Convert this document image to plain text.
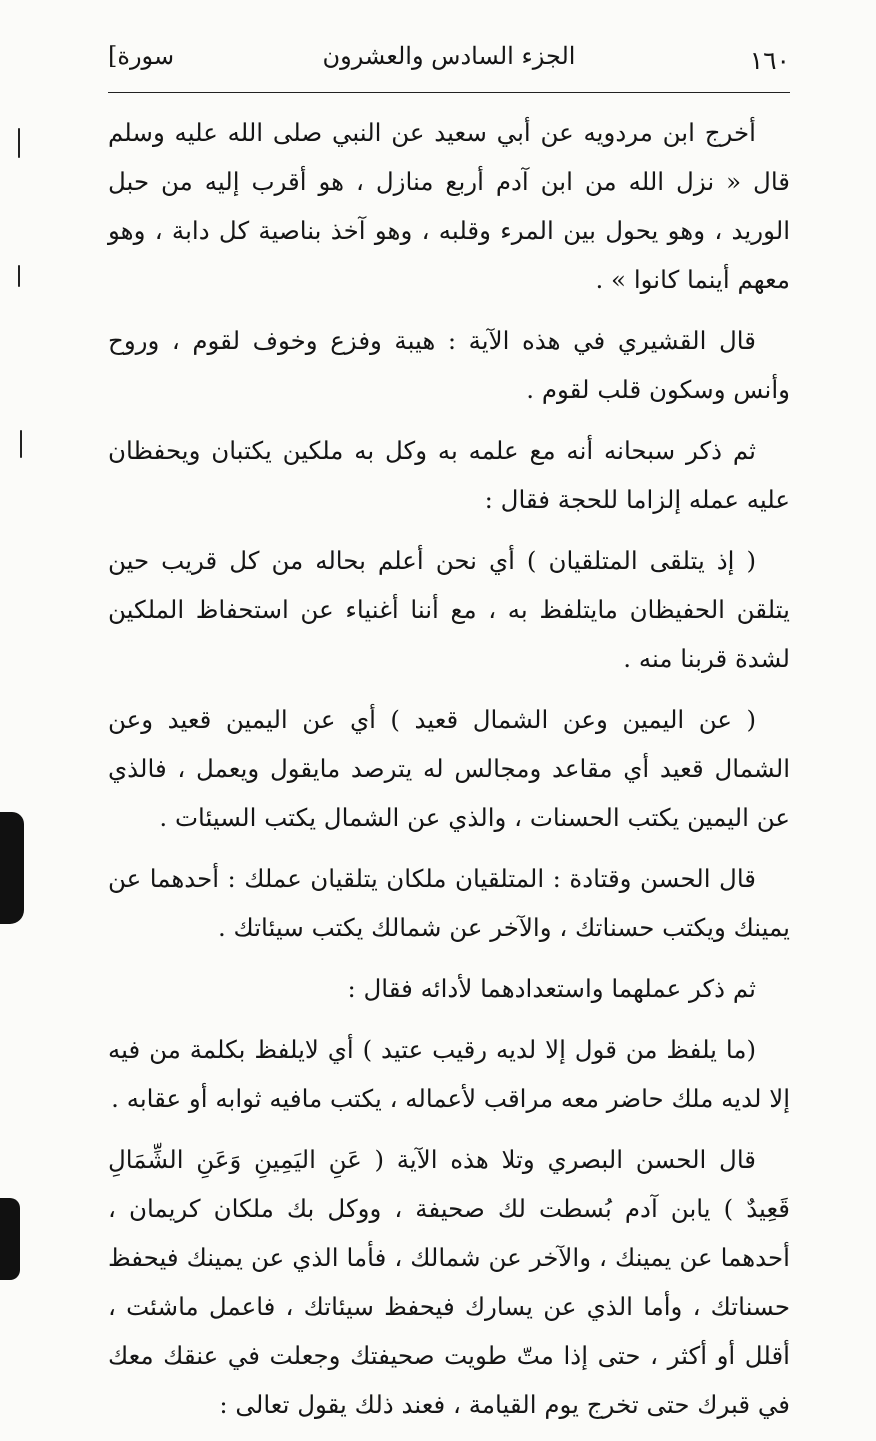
١٦٠
الجزء السادس والعشرون
[سورة

أخرج ابن مردويه عن أبي سعيد عن النبي صلى الله عليه وسلم قال « نزل الله من ابن آدم أربع منازل ، هو أقرب إليه من حبل الوريد ، وهو يحول بين المرء وقلبه ، وهو آخذ بناصية كل دابة ، وهو معهم أينما كانوا » .

قال القشيري في هذه الآية : هيبة وفزع وخوف لقوم ، وروح وأنس وسكون قلب لقوم .

ثم ذكر سبحانه أنه مع علمه به وكل به ملكين يكتبان ويحفظان عليه عمله إلزاما للحجة فقال :

( إذ يتلقى المتلقيان ) أي نحن أعلم بحاله من كل قريب حين يتلقن الحفيظان مايتلفظ به ، مع أننا أغنياء عن استحفاظ الملكين لشدة قربنا منه .

( عن اليمين وعن الشمال قعيد ) أي عن اليمين قعيد وعن الشمال قعيد أي مقاعد ومجالس له يترصد مايقول ويعمل ، فالذي عن اليمين يكتب الحسنات ، والذي عن الشمال يكتب السيئات .

قال الحسن وقتادة : المتلقيان ملكان يتلقيان عملك : أحدهما عن يمينك ويكتب حسناتك ، والآخر عن شمالك يكتب سيئاتك .

ثم ذكر عملهما واستعدادهما لأدائه فقال :

(ما يلفظ من قول إلا لديه رقيب عتيد ) أي لايلفظ بكلمة من فيه إلا لديه ملك حاضر معه مراقب لأعماله ، يكتب مافيه ثوابه أو عقابه .

قال الحسن البصري وتلا هذه الآية ( عَنِ اليَمِينِ وَعَنِ الشِّمَالِ قَعِيدٌ ) يابن آدم بُسطت لك صحيفة ، ووكل بك ملكان كريمان ، أحدهما عن يمينك ، والآخر عن شمالك ، فأما الذي عن يمينك فيحفظ حسناتك ، وأما الذي عن يسارك فيحفظ سيئاتك ، فاعمل ماشئت ، أقلل أو أكثر ، حتى إذا متّ طويت صحيفتك وجعلت في عنقك معك في قبرك حتى تخرج يوم القيامة ، فعند ذلك يقول تعالى :
